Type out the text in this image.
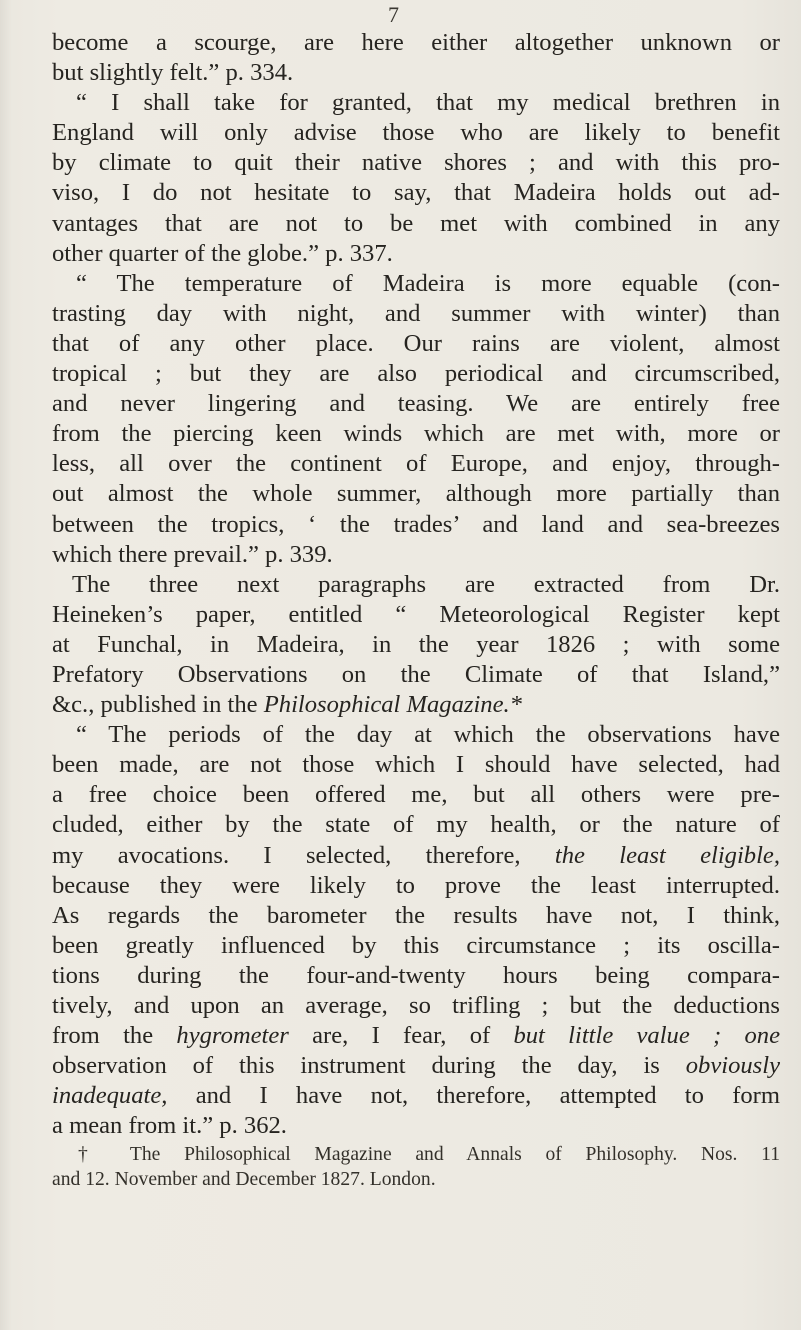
7
become a scourge, are here either altogether unknown or
but slightly felt.” p. 334.
“ I shall take for granted, that my medical brethren in
England will only advise those who are likely to benefit
by climate to quit their native shores ; and with this pro-
viso, I do not hesitate to say, that Madeira holds out ad-
vantages that are not to be met with combined in any
other quarter of the globe.” p. 337.
“ The temperature of Madeira is more equable (con-
trasting day with night, and summer with winter) than
that of any other place. Our rains are violent, almost
tropical ; but they are also periodical and circumscribed,
and never lingering and teasing. We are entirely free
from the piercing keen winds which are met with, more or
less, all over the continent of Europe, and enjoy, through-
out almost the whole summer, although more partially than
between the tropics, ‘ the trades’ and land and sea-breezes
which there prevail.” p. 339.
The three next paragraphs are extracted from Dr.
Heineken’s paper, entitled “ Meteorological Register kept
at Funchal, in Madeira, in the year 1826 ; with some
Prefatory Observations on the Climate of that Island,”
&c., published in the Philosophical Magazine.*
“ The periods of the day at which the observations have
been made, are not those which I should have selected, had
a free choice been offered me, but all others were pre-
cluded, either by the state of my health, or the nature of
my avocations. I selected, therefore, the least eligible,
because they were likely to prove the least interrupted.
As regards the barometer the results have not, I think,
been greatly influenced by this circumstance ; its oscilla-
tions during the four-and-twenty hours being compara-
tively, and upon an average, so trifling ; but the deductions
from the hygrometer are, I fear, of but little value ; one
observation of this instrument during the day, is obviously
inadequate, and I have not, therefore, attempted to form
a mean from it.” p. 362.
† The Philosophical Magazine and Annals of Philosophy. Nos. 11
and 12. November and December 1827. London.
